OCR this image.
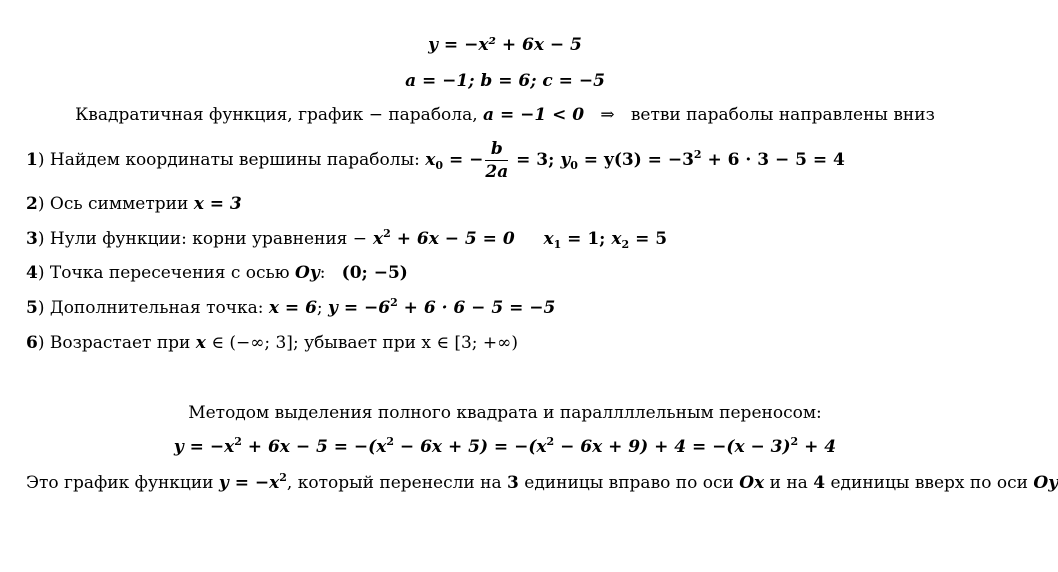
y = −x² + 6x − 5
a = −1; b = 6; c = −5
Квадратичная функция, график − парабола, a = −1 < 0 ⇒ ветви параболы направлены вниз
1) Найдем координаты вершины параболы: $x_0$ = − $\frac{b}{2a} = 3$; $y_0 = y(3) = -3^2 + 6 \cdot 3 - 5 = 4$
2) Ось симметрии x = 3
3) Нули функции: корни уравнения − $x^2 + 6x - 5 = 0$ $x_1 = 1$; $x_2 = 5$
4) Точка пересечения с осью Oy: (0; −5)
5) Дополнительная точка: x = 6; $y = -6^2 + 6 \cdot 6 - 5 = -5$
6) Возрастает при x ∈ (−∞; 3]; убывает при x ∈ [3; +∞)
Методом выделения полного квадрата и параллллельным переносом:
$y = -x^2 + 6x - 5 = -(x^2 - 6x + 5) = -(x^2 - 6x + 9) + 4 = -(x - 3)^2 + 4$
Это график функции $y = -x^2$, который перенесли на 3 единицы вправо по оси Ox и на 4 единицы вверх по оси Oy
